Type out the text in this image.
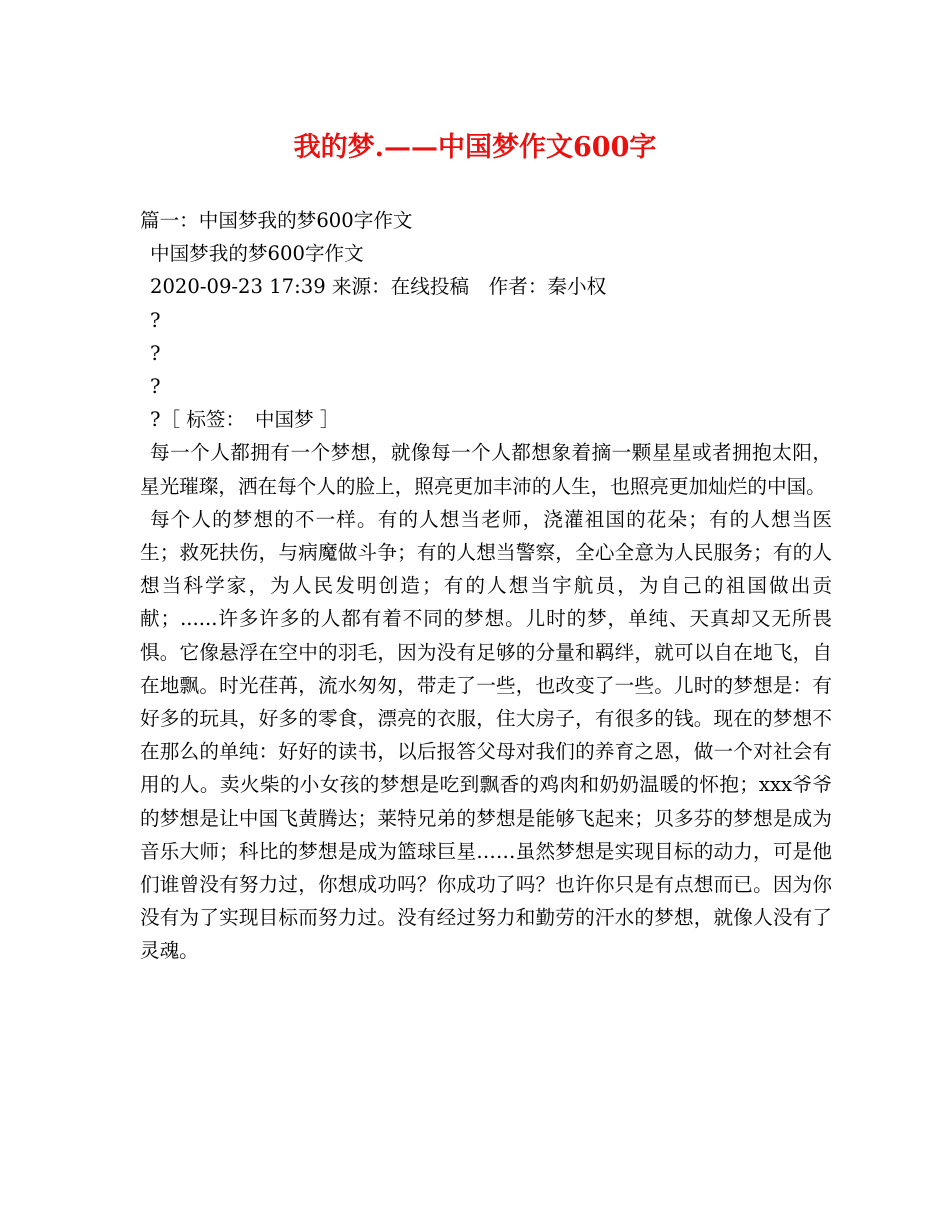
我的梦.——中国梦作文600字
篇一：中国梦我的梦600字作文
中国梦我的梦600字作文
2020-09-23 17:39 来源：在线投稿　作者：秦小权
?
?
?
?［ 标签：　中国梦 ］
每一个人都拥有一个梦想，就像每一个人都想象着摘一颗星星或者拥抱太阳，星光璀璨，洒在每个人的脸上，照亮更加丰沛的人生，也照亮更加灿烂的中国。
每个人的梦想的不一样。有的人想当老师，浇灌祖国的花朵；有的人想当医生；救死扶伤，与病魔做斗争；有的人想当警察，全心全意为人民服务；有的人想当科学家，为人民发明创造；有的人想当宇航员，为自己的祖国做出贡献；......许多许多的人都有着不同的梦想。儿时的梦，单纯、天真却又无所畏惧。它像悬浮在空中的羽毛，因为没有足够的分量和羁绊，就可以自在地飞，自在地飘。时光荏苒，流水匆匆，带走了一些，也改变了一些。儿时的梦想是：有好多的玩具，好多的零食，漂亮的衣服，住大房子，有很多的钱。现在的梦想不在那么的单纯：好好的读书，以后报答父母对我们的养育之恩，做一个对社会有用的人。卖火柴的小女孩的梦想是吃到飘香的鸡肉和奶奶温暖的怀抱；xxx爷爷的梦想是让中国飞黄腾达；莱特兄弟的梦想是能够飞起来；贝多芬的梦想是成为音乐大师；科比的梦想是成为篮球巨星……虽然梦想是实现目标的动力，可是他们谁曾没有努力过，你想成功吗？你成功了吗？也许你只是有点想而已。因为你没有为了实现目标而努力过。没有经过努力和勤劳的汗水的梦想，就像人没有了灵魂。
